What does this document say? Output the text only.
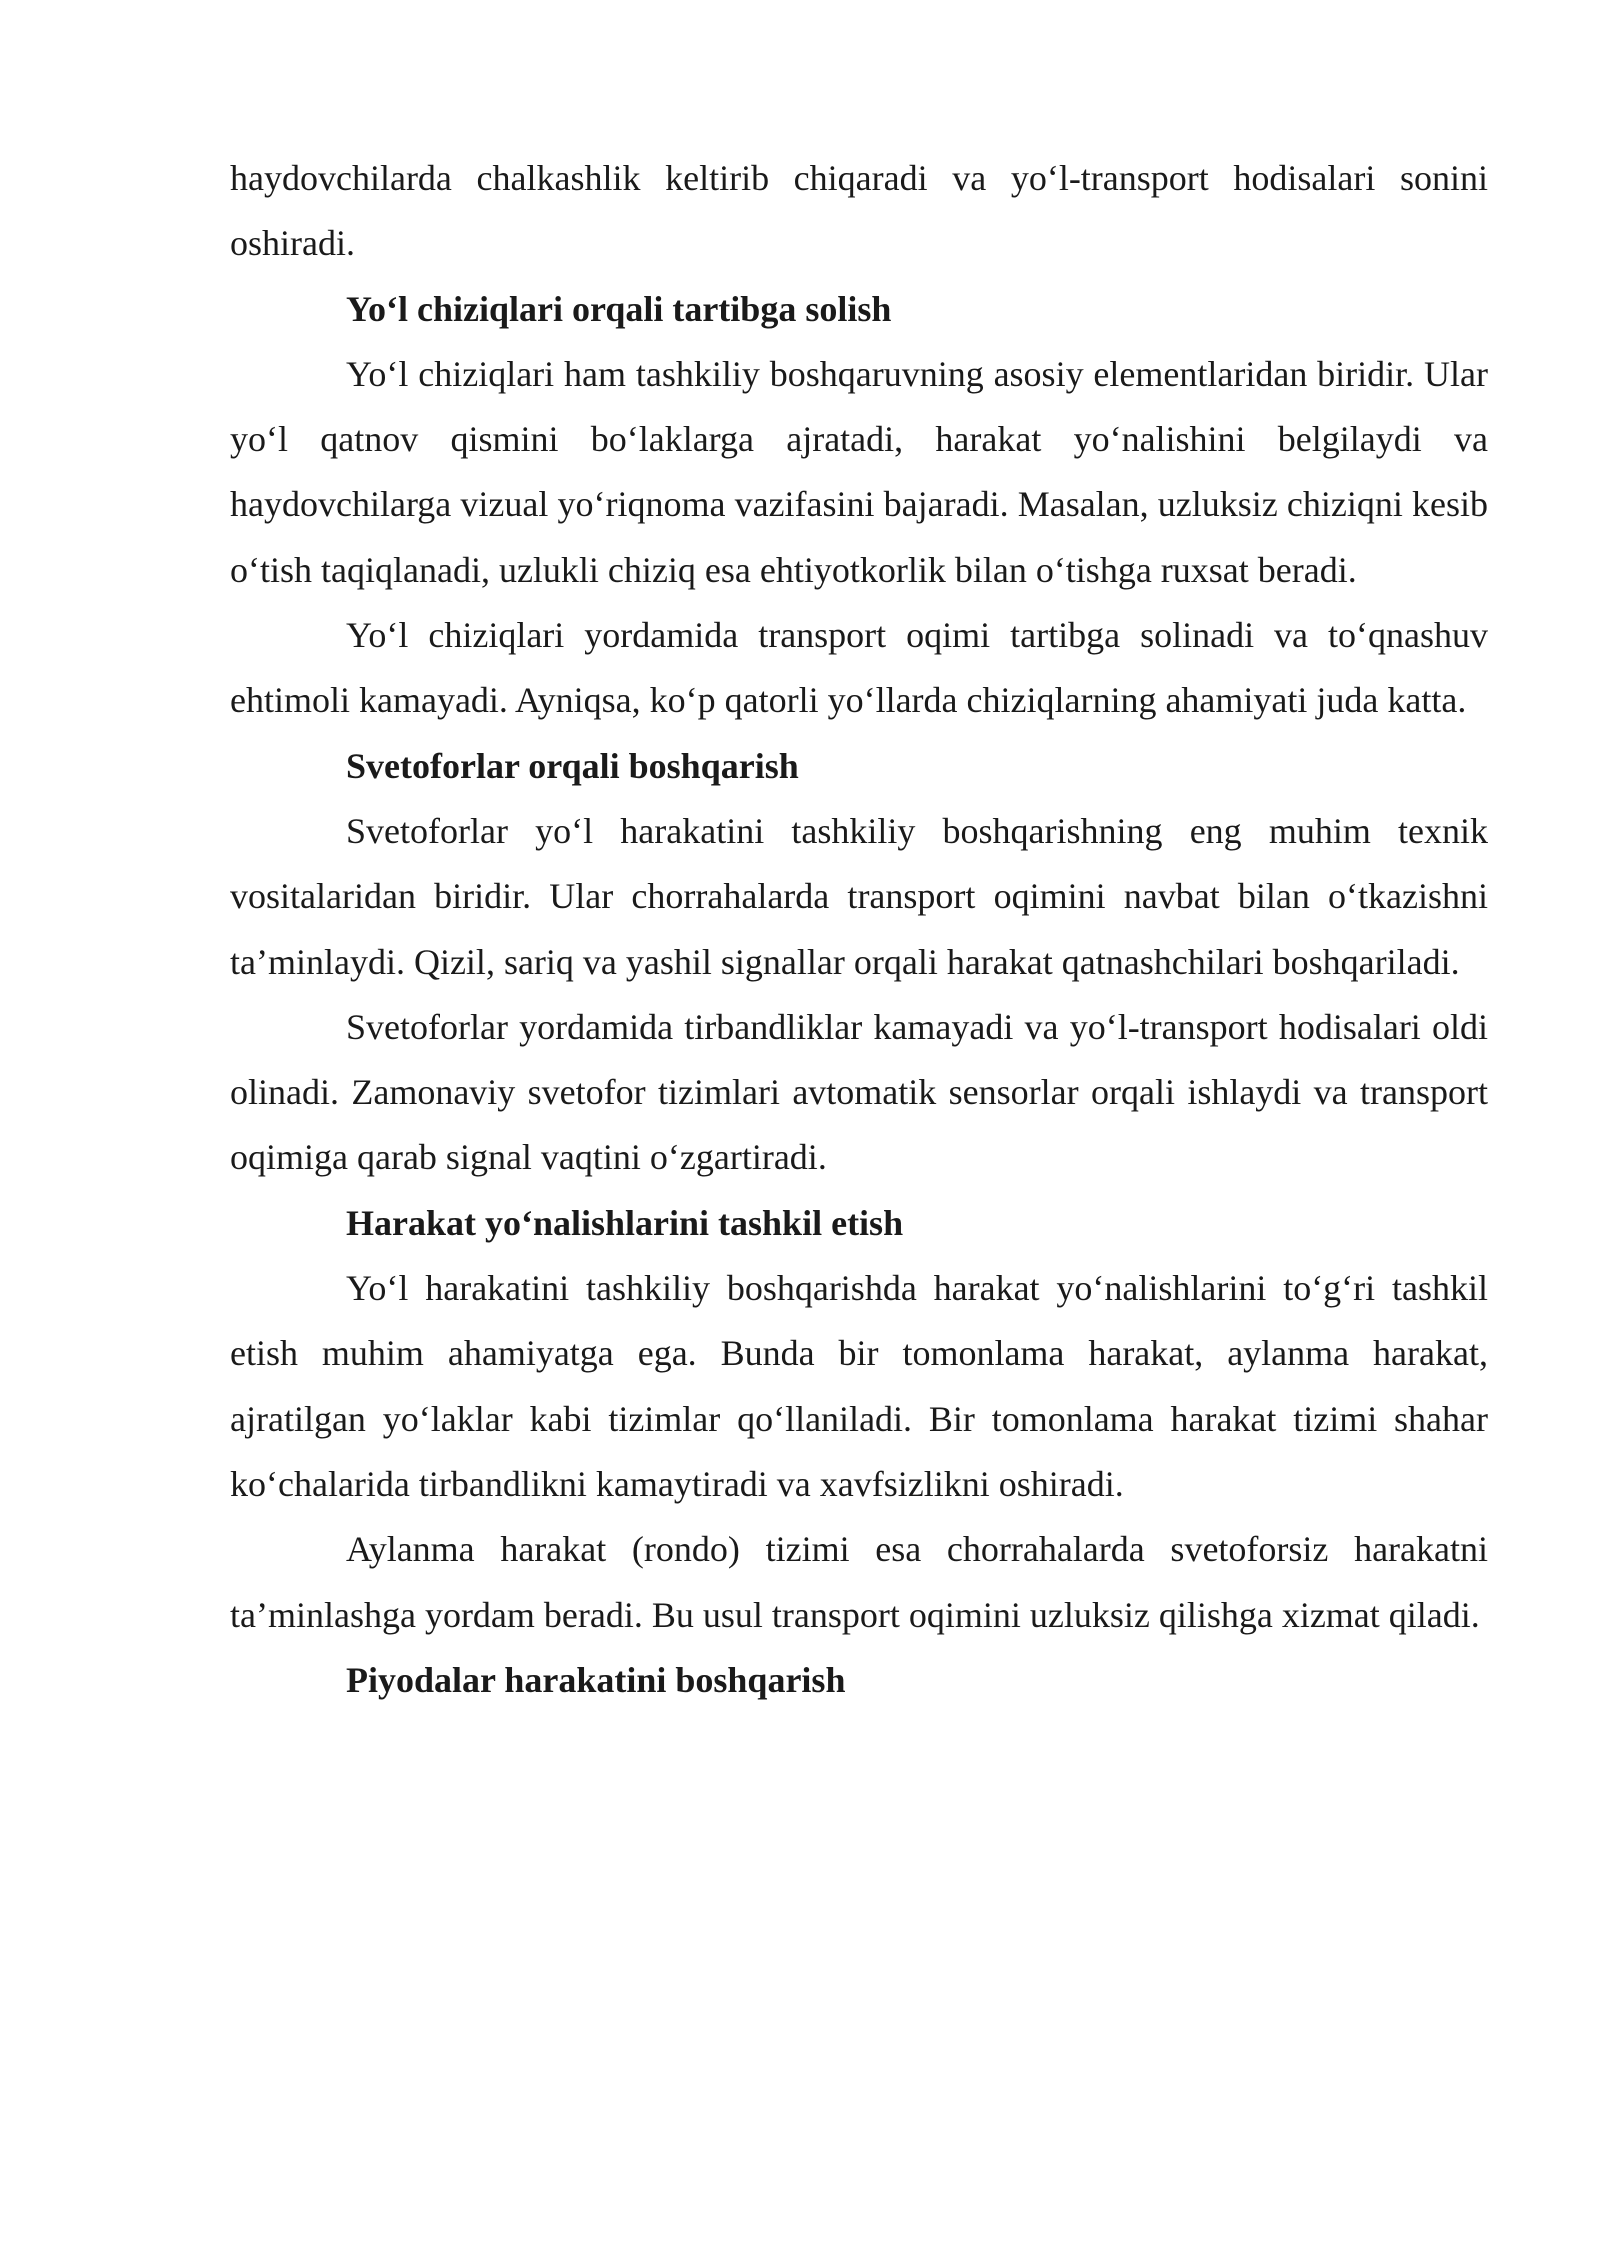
haydovchilarda chalkashlik keltirib chiqaradi va yo‘l-transport hodisalari sonini oshiradi.

Yo‘l chiziqlari orqali tartibga solish

Yo‘l chiziqlari ham tashkiliy boshqaruvning asosiy elementlaridan biridir. Ular yo‘l qatnov qismini bo‘laklarga ajratadi, harakat yo‘nalishini belgilaydi va haydovchilarga vizual yo‘riqnoma vazifasini bajaradi. Masalan, uzluksiz chiziqni kesib o‘tish taqiqlanadi, uzlukli chiziq esa ehtiyotkorlik bilan o‘tishga ruxsat beradi.

Yo‘l chiziqlari yordamida transport oqimi tartibga solinadi va to‘qnashuv ehtimoli kamayadi. Ayniqsa, ko‘p qatorli yo‘llarda chiziqlarning ahamiyati juda katta.

Svetoforlar orqali boshqarish

Svetoforlar yo‘l harakatini tashkiliy boshqarishning eng muhim texnik vositalaridan biridir. Ular chorrahalarda transport oqimini navbat bilan o‘tkazishni ta’minlaydi. Qizil, sariq va yashil signallar orqali harakat qatnashchilari boshqariladi.

Svetoforlar yordamida tirbandliklar kamayadi va yo‘l-transport hodisalari oldi olinadi. Zamonaviy svetofor tizimlari avtomatik sensorlar orqali ishlaydi va transport oqimiga qarab signal vaqtini o‘zgartiradi.

Harakat yo‘nalishlarini tashkil etish

Yo‘l harakatini tashkiliy boshqarishda harakat yo‘nalishlarini to‘g‘ri tashkil etish muhim ahamiyatga ega. Bunda bir tomonlama harakat, aylanma harakat, ajratilgan yo‘laklar kabi tizimlar qo‘llaniladi. Bir tomonlama harakat tizimi shahar ko‘chalarida tirbandlikni kamaytiradi va xavfsizlikni oshiradi.

Aylanma harakat (rondo) tizimi esa chorrahalarda svetoforsiz harakatni ta’minlashga yordam beradi. Bu usul transport oqimini uzluksiz qilishga xizmat qiladi.

Piyodalar harakatini boshqarish
